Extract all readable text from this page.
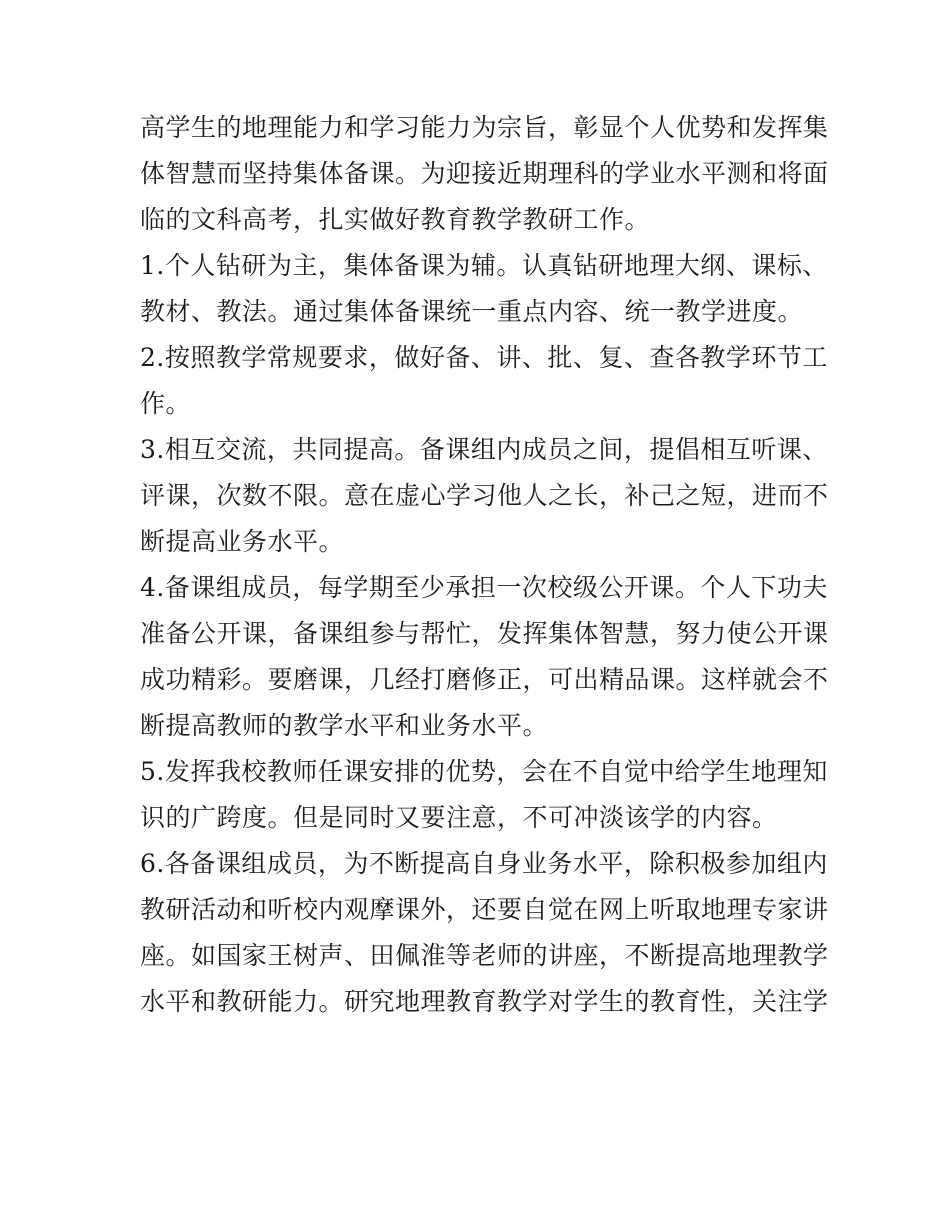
高学生的地理能力和学习能力为宗旨，彰显个人优势和发挥集
体智慧而坚持集体备课。为迎接近期理科的学业水平测和将面
临的文科高考，扎实做好教育教学教研工作。
1.个人钻研为主，集体备课为辅。认真钻研地理大纲、课标、
教材、教法。通过集体备课统一重点内容、统一教学进度。
2.按照教学常规要求，做好备、讲、批、复、查各教学环节工
作。
3.相互交流，共同提高。备课组内成员之间，提倡相互听课、
评课，次数不限。意在虚心学习他人之长，补己之短，进而不
断提高业务水平。
4.备课组成员，每学期至少承担一次校级公开课。个人下功夫
准备公开课，备课组参与帮忙，发挥集体智慧，努力使公开课
成功精彩。要磨课，几经打磨修正，可出精品课。这样就会不
断提高教师的教学水平和业务水平。
5.发挥我校教师任课安排的优势，会在不自觉中给学生地理知
识的广跨度。但是同时又要注意，不可冲淡该学的内容。
6.各备课组成员，为不断提高自身业务水平，除积极参加组内
教研活动和听校内观摩课外，还要自觉在网上听取地理专家讲
座。如国家王树声、田佩淮等老师的讲座，不断提高地理教学
水平和教研能力。研究地理教育教学对学生的教育性，关注学
